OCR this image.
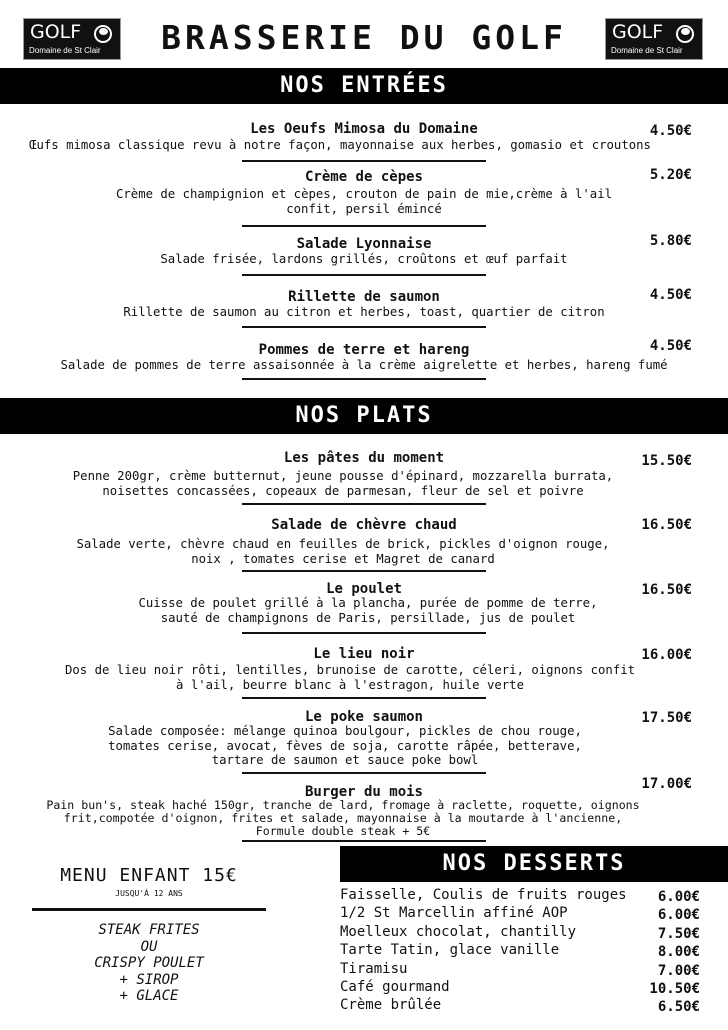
GOLF
Domaine de St Clair	BRASSERIE DU GOLF	GOLF
Domaine de St Clair
NOS ENTRÉES
Les Oeufs Mimosa du Domaine	4.50€
Œufs mimosa classique revu à notre façon, mayonnaise aux herbes, gomasio et croutons
Crème de cèpes	5.20€
Crème de champignion et cèpes, crouton de pain de mie,crème à l'ail
confit, persil émincé
Salade Lyonnaise	5.80€
Salade frisée, lardons grillés, croûtons et œuf parfait
Rillette de saumon	4.50€
Rillette de saumon au citron et herbes, toast, quartier de citron
Pommes de terre et hareng	4.50€
Salade de pommes de terre assaisonnée à la crème aigrelette et herbes, hareng fumé
NOS PLATS
Les pâtes du moment	15.50€
Penne 200gr, crème butternut, jeune pousse d'épinard, mozzarella burrata,
noisettes concassées, copeaux de parmesan, fleur de sel et poivre
Salade de chèvre chaud	16.50€
Salade verte, chèvre chaud en feuilles de brick, pickles d'oignon rouge,
noix , tomates cerise et Magret de canard
Le poulet	16.50€
Cuisse de poulet grillé à la plancha, purée de pomme de terre,
sauté de champignons de Paris, persillade, jus de poulet
Le lieu noir	16.00€
Dos de lieu noir rôti, lentilles, brunoise de carotte, céleri, oignons confit
à l'ail, beurre blanc à l'estragon, huile verte
Le poke saumon	17.50€
Salade composée: mélange quinoa boulgour, pickles de chou rouge,
tomates cerise, avocat, fèves de soja, carotte râpée, betterave,
tartare de saumon et sauce poke bowl
Burger du mois	17.00€
Pain bun's, steak haché 150gr, tranche de lard, fromage à raclette, roquette, oignons
frit,compotée d'oignon, frites et salade, mayonnaise à la moutarde à l'ancienne,
Formule double steak + 5€
MENU ENFANT 15€
JUSQU'À 12 ANS
STEAK FRITES
OU
CRISPY POULET
+ SIROP
+ GLACE
NOS DESSERTS
Faisselle, Coulis de fruits rouges 6.00€
1/2 St Marcellin affiné AOP	6.00€
Moelleux chocolat, chantilly	7.50€
Tarte Tatin, glace vanille	8.00€
Tiramisu	7.00€
Café gourmand	10.50€
Crème brûlée	6.50€
